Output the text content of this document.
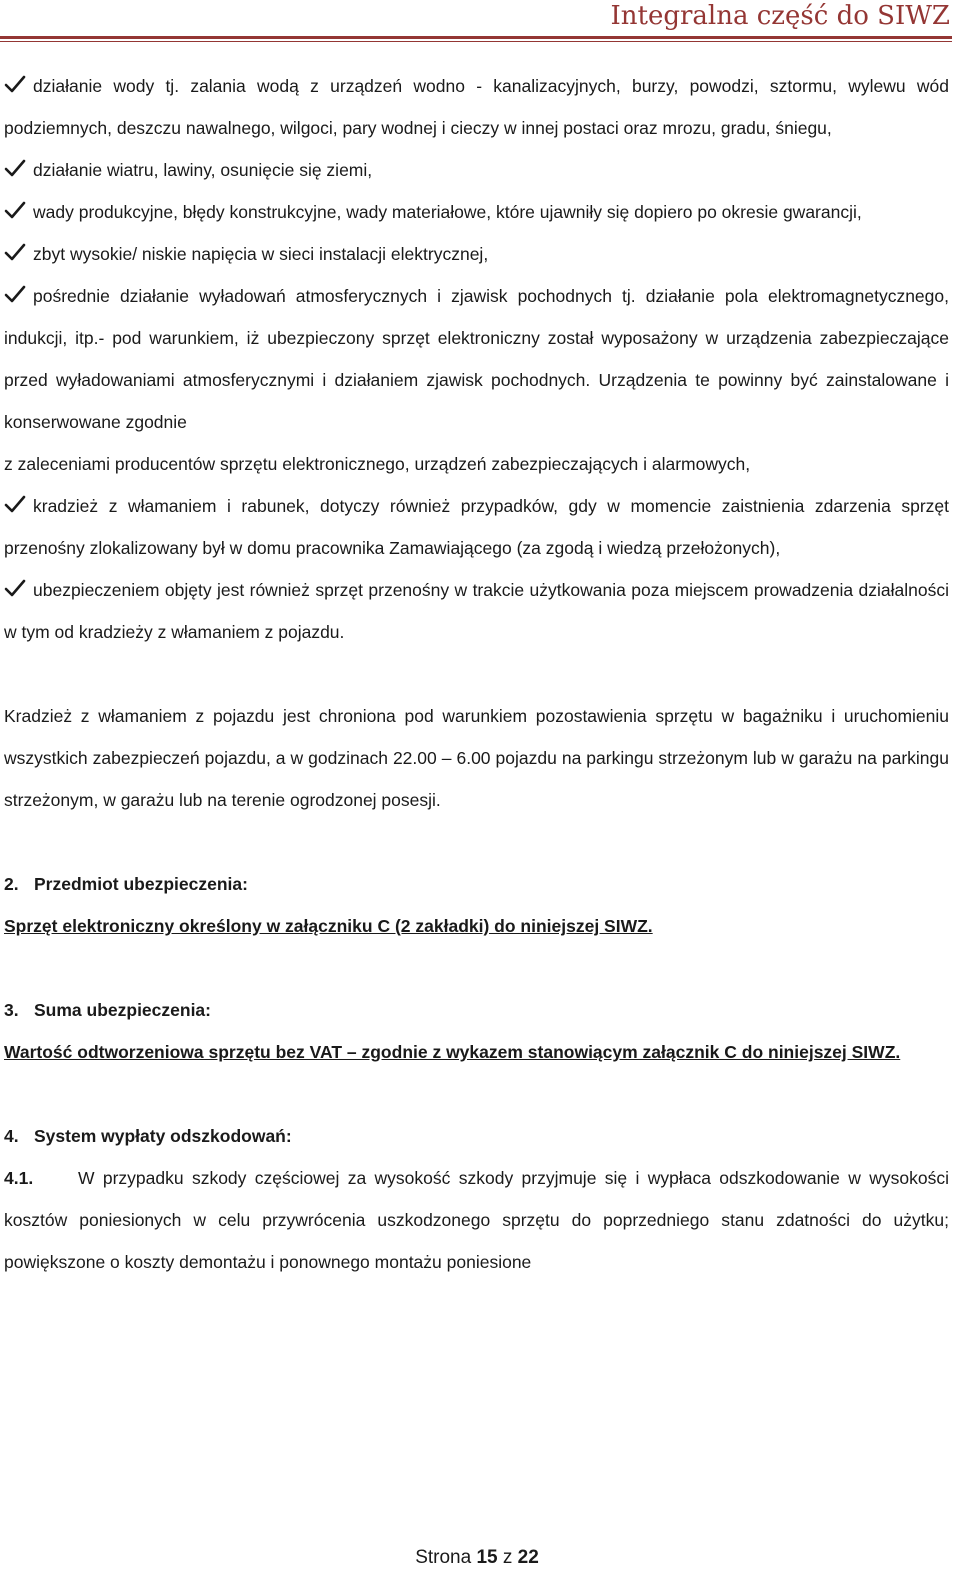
Integralna część do SIWZ

działanie wody tj. zalania wodą z urządzeń wodno - kanalizacyjnych, burzy, powodzi, sztormu, wylewu wód podziemnych, deszczu nawalnego, wilgoci, pary wodnej i cieczy w innej postaci oraz mrozu, gradu, śniegu,

działanie wiatru, lawiny, osunięcie się ziemi,

wady produkcyjne, błędy konstrukcyjne, wady materiałowe, które ujawniły się dopiero po okresie gwarancji,

zbyt wysokie/ niskie napięcia w sieci instalacji elektrycznej,

pośrednie działanie wyładowań atmosferycznych i zjawisk pochodnych tj. działanie pola elektromagnetycznego, indukcji, itp.- pod warunkiem, iż ubezpieczony sprzęt elektroniczny został wyposażony w urządzenia zabezpieczające przed wyładowaniami atmosferycznymi i działaniem zjawisk pochodnych. Urządzenia te powinny być zainstalowane i konserwowane zgodnie

z zaleceniami producentów sprzętu elektronicznego, urządzeń zabezpieczających i alarmowych,

kradzież z włamaniem i rabunek, dotyczy również przypadków, gdy w momencie zaistnienia zdarzenia sprzęt przenośny zlokalizowany był w domu pracownika Zamawiającego (za zgodą i wiedzą przełożonych),

ubezpieczeniem objęty jest również sprzęt przenośny w trakcie użytkowania poza miejscem prowadzenia działalności w tym od kradzieży z włamaniem z pojazdu.

Kradzież z włamaniem z pojazdu jest chroniona pod warunkiem pozostawienia sprzętu w bagażniku i uruchomieniu wszystkich zabezpieczeń pojazdu, a w godzinach 22.00 – 6.00 pojazdu na parkingu strzeżonym lub w garażu na parkingu strzeżonym, w garażu lub na terenie ogrodzonej posesji.

2. Przedmiot ubezpieczenia:

Sprzęt elektroniczny określony w załączniku C (2 zakładki) do niniejszej SIWZ.

3. Suma ubezpieczenia:

Wartość odtworzeniowa sprzętu bez VAT – zgodnie z wykazem stanowiącym załącznik C do niniejszej SIWZ.

4. System wypłaty odszkodowań:

4.1.	W przypadku szkody częściowej za wysokość szkody przyjmuje się i wypłaca odszkodowanie w wysokości kosztów poniesionych w celu przywrócenia uszkodzonego sprzętu do poprzedniego stanu zdatności do użytku; powiększone o koszty demontażu i ponownego montażu poniesione

Strona 15 z 22
